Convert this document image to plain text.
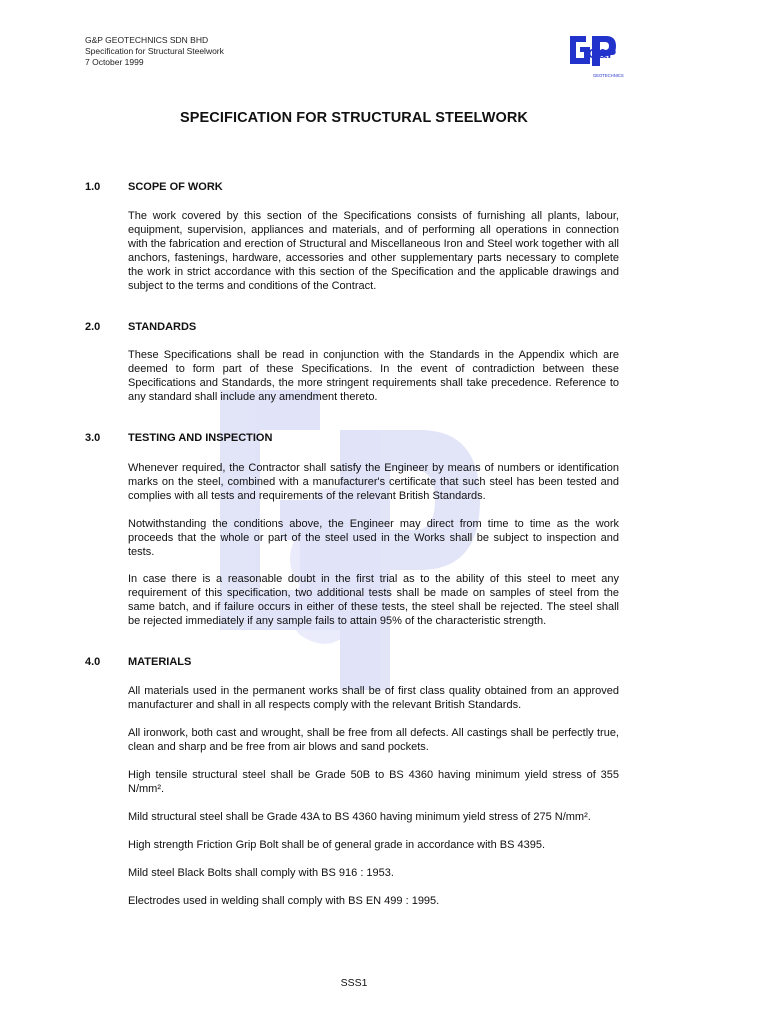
G&P GEOTECHNICS SDN BHD
Specification for Structural Steelwork
7 October 1999
G&P
GEOTECHNICS
SPECIFICATION FOR STRUCTURAL STEELWORK
1.0	SCOPE OF WORK
The work covered by this section of the Specifications consists of furnishing all plants, labour, equipment, supervision, appliances and materials, and of performing all operations in connection with the fabrication and erection of Structural and Miscellaneous Iron and Steel work together with all anchors, fastenings, hardware, accessories and other supplementary parts necessary to complete the work in strict accordance with this section of the Specification and the applicable drawings and subject to the terms and conditions of the Contract.
2.0	STANDARDS
These Specifications shall be read in conjunction with the Standards in the Appendix which are deemed to form part of these Specifications. In the event of contradiction between these Specifications and Standards, the more stringent requirements shall take precedence. Reference to any standard shall include any amendment thereto.
3.0	TESTING AND INSPECTION
Whenever required, the Contractor shall satisfy the Engineer by means of numbers or identification marks on the steel, combined with a manufacturer's certificate that such steel has been tested and complies with all tests and requirements of the relevant British Standards.
Notwithstanding the conditions above, the Engineer may direct from time to time as the work proceeds that the whole or part of the steel used in the Works shall be subject to inspection and tests.
In case there is a reasonable doubt in the first trial as to the ability of this steel to meet any requirement of this specification, two additional tests shall be made on samples of steel from the same batch, and if failure occurs in either of these tests, the steel shall be rejected. The steel shall be rejected immediately if any sample fails to attain 95% of the characteristic strength.
4.0	MATERIALS
All materials used in the permanent works shall be of first class quality obtained from an approved manufacturer and shall in all respects comply with the relevant British Standards.
All ironwork, both cast and wrought, shall be free from all defects. All castings shall be perfectly true, clean and sharp and be free from air blows and sand pockets.
High tensile structural steel shall be Grade 50B to BS 4360 having minimum yield stress of 355 N/mm².
Mild structural steel shall be Grade 43A to BS 4360 having minimum yield stress of 275 N/mm².
High strength Friction Grip Bolt shall be of general grade in accordance with BS 4395.
Mild steel Black Bolts shall comply with BS 916 : 1953.
Electrodes used in welding shall comply with BS EN 499 : 1995.
SSS1
